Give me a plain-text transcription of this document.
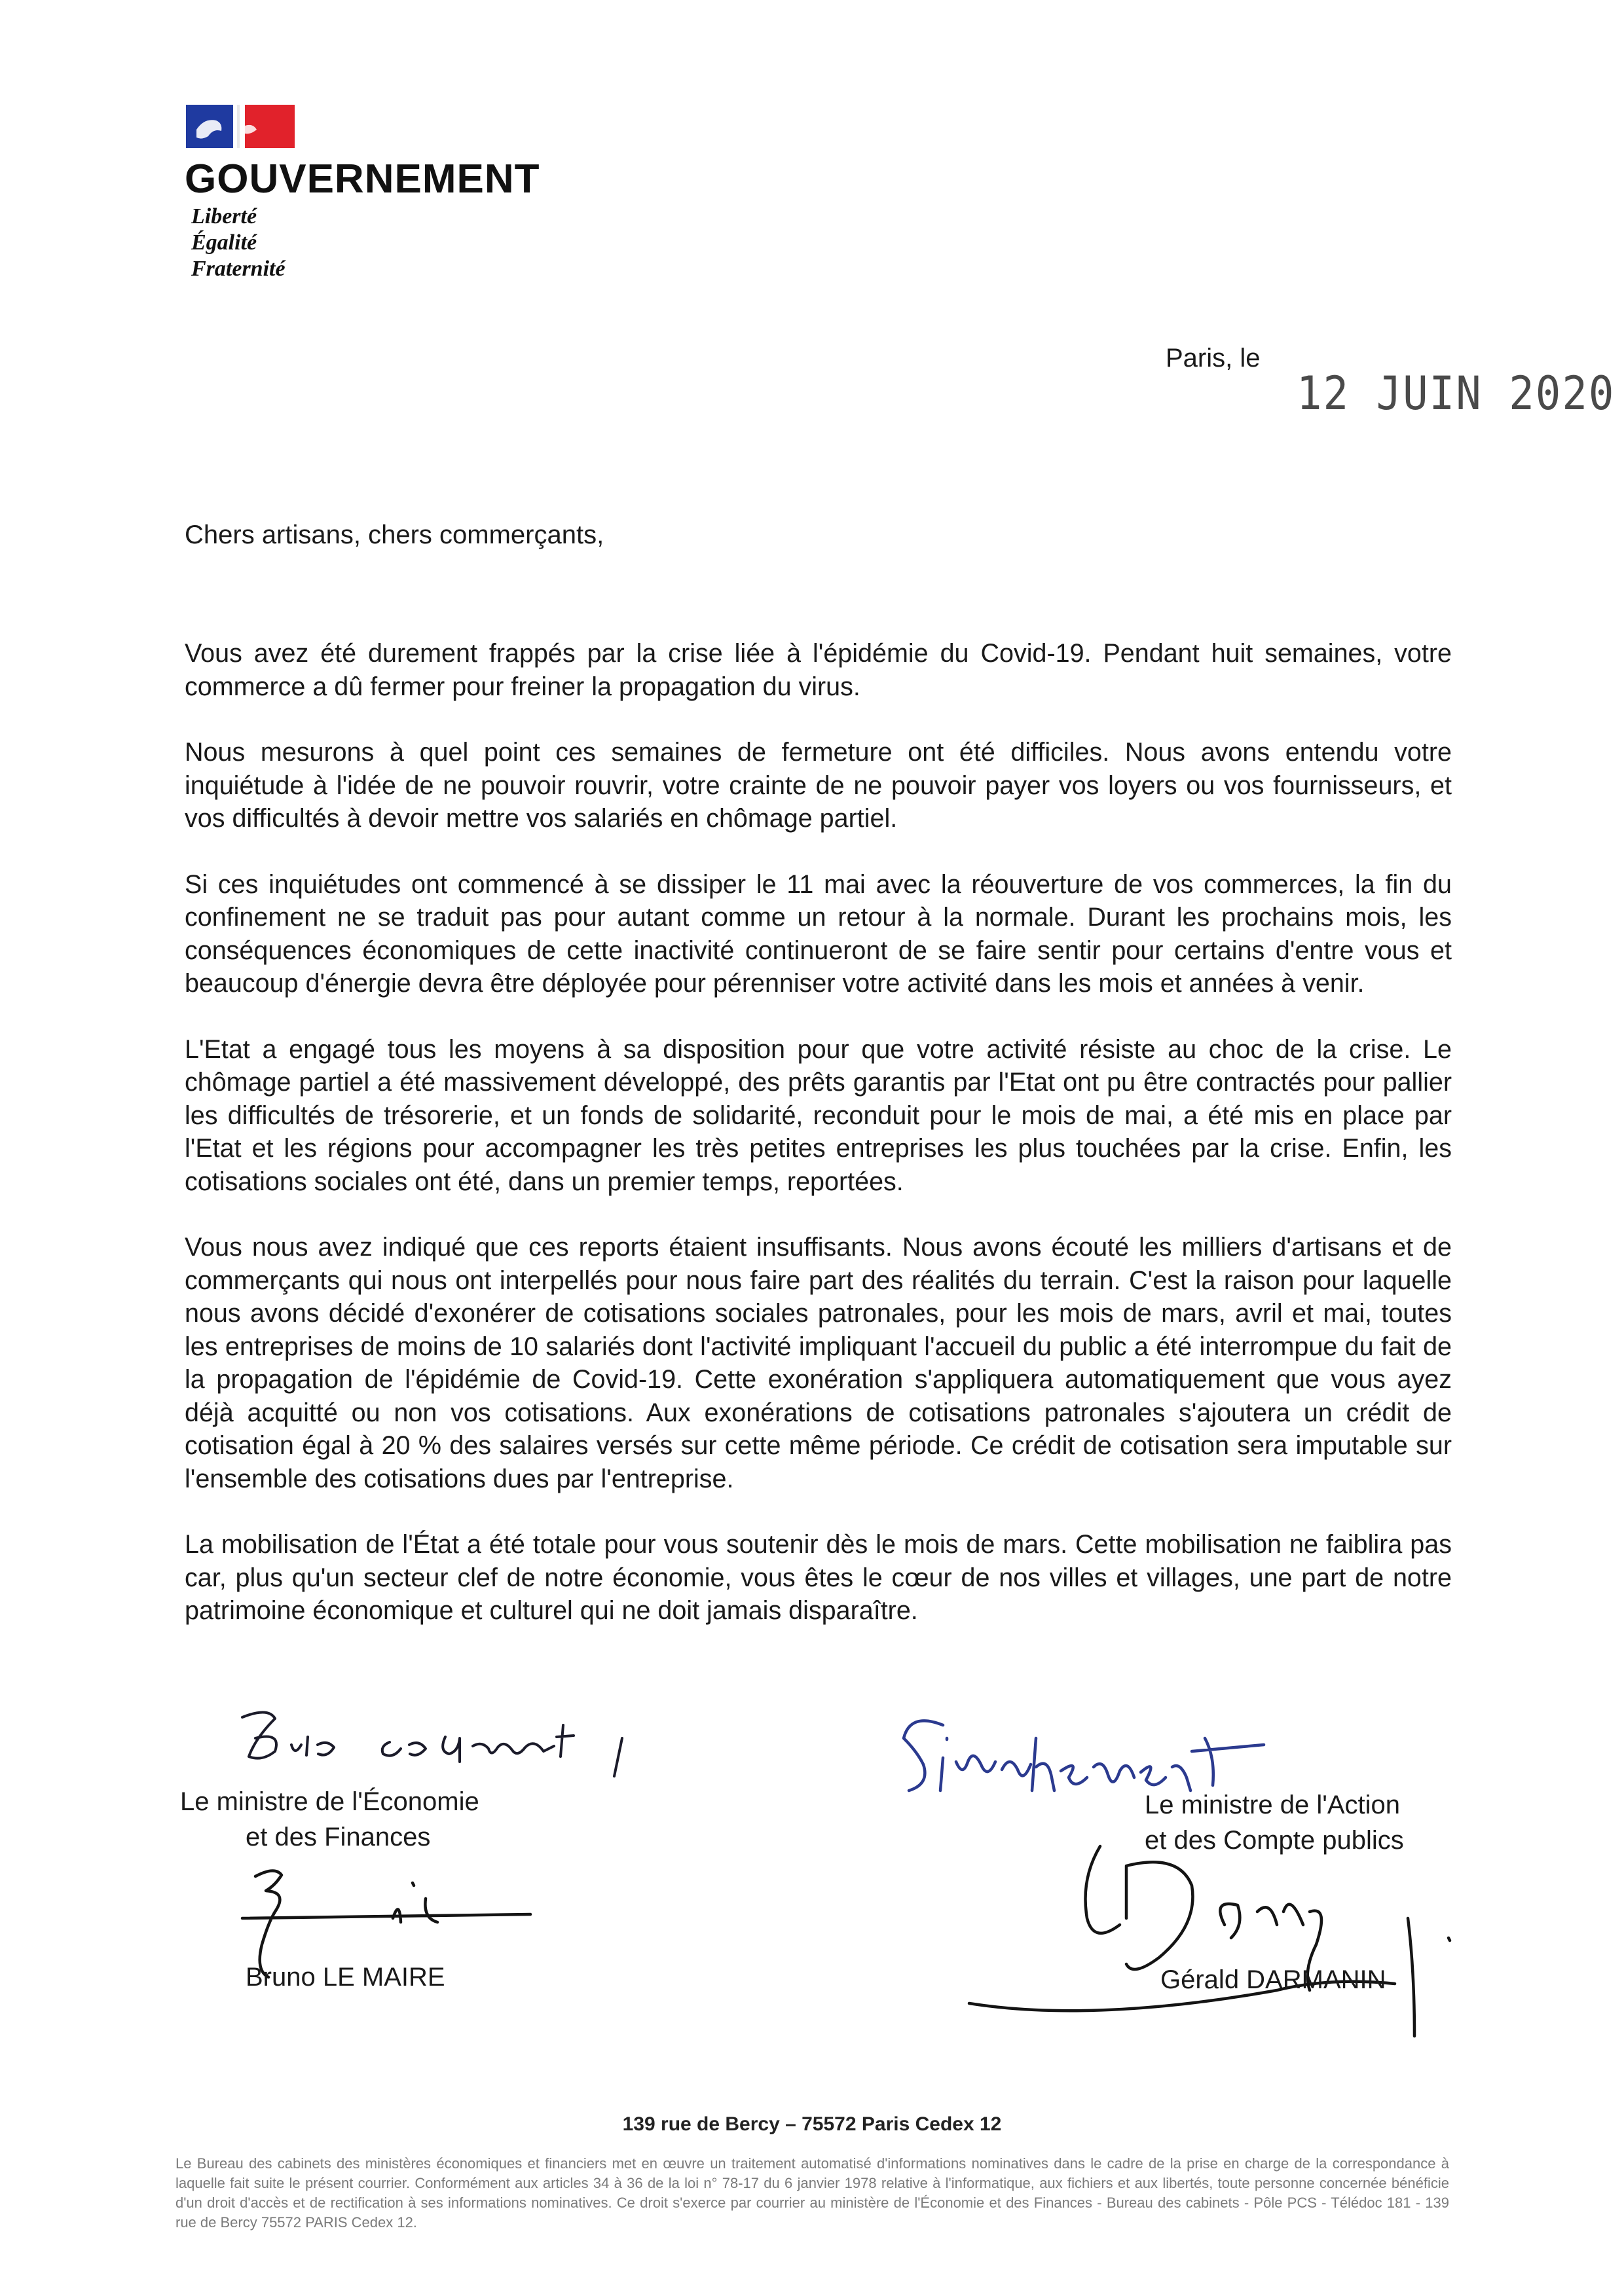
GOUVERNEMENT
Liberté
Égalité
Fraternité
Paris, le
12 JUIN 2020
Chers artisans, chers commerçants,

Vous avez été durement frappés par la crise liée à l'épidémie du Covid-19. Pendant huit semaines, votre commerce a dû fermer pour freiner la propagation du virus.

Nous mesurons à quel point ces semaines de fermeture ont été difficiles. Nous avons entendu votre inquiétude à l'idée de ne pouvoir rouvrir, votre crainte de ne pouvoir payer vos loyers ou vos fournisseurs, et vos difficultés à devoir mettre vos salariés en chômage partiel.

Si ces inquiétudes ont commencé à se dissiper le 11 mai avec la réouverture de vos commerces, la fin du confinement ne se traduit pas pour autant comme un retour à la normale. Durant les prochains mois, les conséquences économiques de cette inactivité continueront de se faire sentir pour certains d'entre vous et beaucoup d'énergie devra être déployée pour pérenniser votre activité dans les mois et années à venir.

L'Etat a engagé tous les moyens à sa disposition pour que votre activité résiste au choc de la crise. Le chômage partiel a été massivement développé, des prêts garantis par l'Etat ont pu être contractés pour pallier les difficultés de trésorerie, et un fonds de solidarité, reconduit pour le mois de mai, a été mis en place par l'Etat et les régions pour accompagner les très petites entreprises les plus touchées par la crise. Enfin, les cotisations sociales ont été, dans un premier temps, reportées.

Vous nous avez indiqué que ces reports étaient insuffisants. Nous avons écouté les milliers d'artisans et de commerçants qui nous ont interpellés pour nous faire part des réalités du terrain. C'est la raison pour laquelle nous avons décidé d'exonérer de cotisations sociales patronales, pour les mois de mars, avril et mai, toutes les entreprises de moins de 10 salariés dont l'activité impliquant l'accueil du public a été interrompue du fait de la propagation de l'épidémie de Covid-19. Cette exonération s'appliquera automatiquement que vous ayez déjà acquitté ou non vos cotisations. Aux exonérations de cotisations patronales s'ajoutera un crédit de cotisation égal à 20 % des salaires versés sur cette même période. Ce crédit de cotisation sera imputable sur l'ensemble des cotisations dues par l'entreprise.

La mobilisation de l'État a été totale pour vous soutenir dès le mois de mars. Cette mobilisation ne faiblira pas car, plus qu'un secteur clef de notre économie, vous êtes le cœur de nos villes et villages, une part de notre patrimoine économique et culturel qui ne doit jamais disparaître.

Le ministre de l'Économie
et des Finances
Bruno LE MAIRE
Le ministre de l'Action
et des Compte publics
Gérald DARMANIN
139 rue de Bercy – 75572 Paris Cedex 12
Le Bureau des cabinets des ministères économiques et financiers met en œuvre un traitement automatisé d'informations nominatives dans le cadre de la prise en charge de la correspondance à laquelle fait suite le présent courrier. Conformément aux articles 34 à 36 de la loi n° 78-17 du 6 janvier 1978 relative à l'informatique, aux fichiers et aux libertés, toute personne concernée bénéficie d'un droit d'accès et de rectification à ses informations nominatives. Ce droit s'exerce par courrier au ministère de l'Économie et des Finances - Bureau des cabinets - Pôle PCS - Télédoc 181 - 139 rue de Bercy 75572 PARIS Cedex 12.
